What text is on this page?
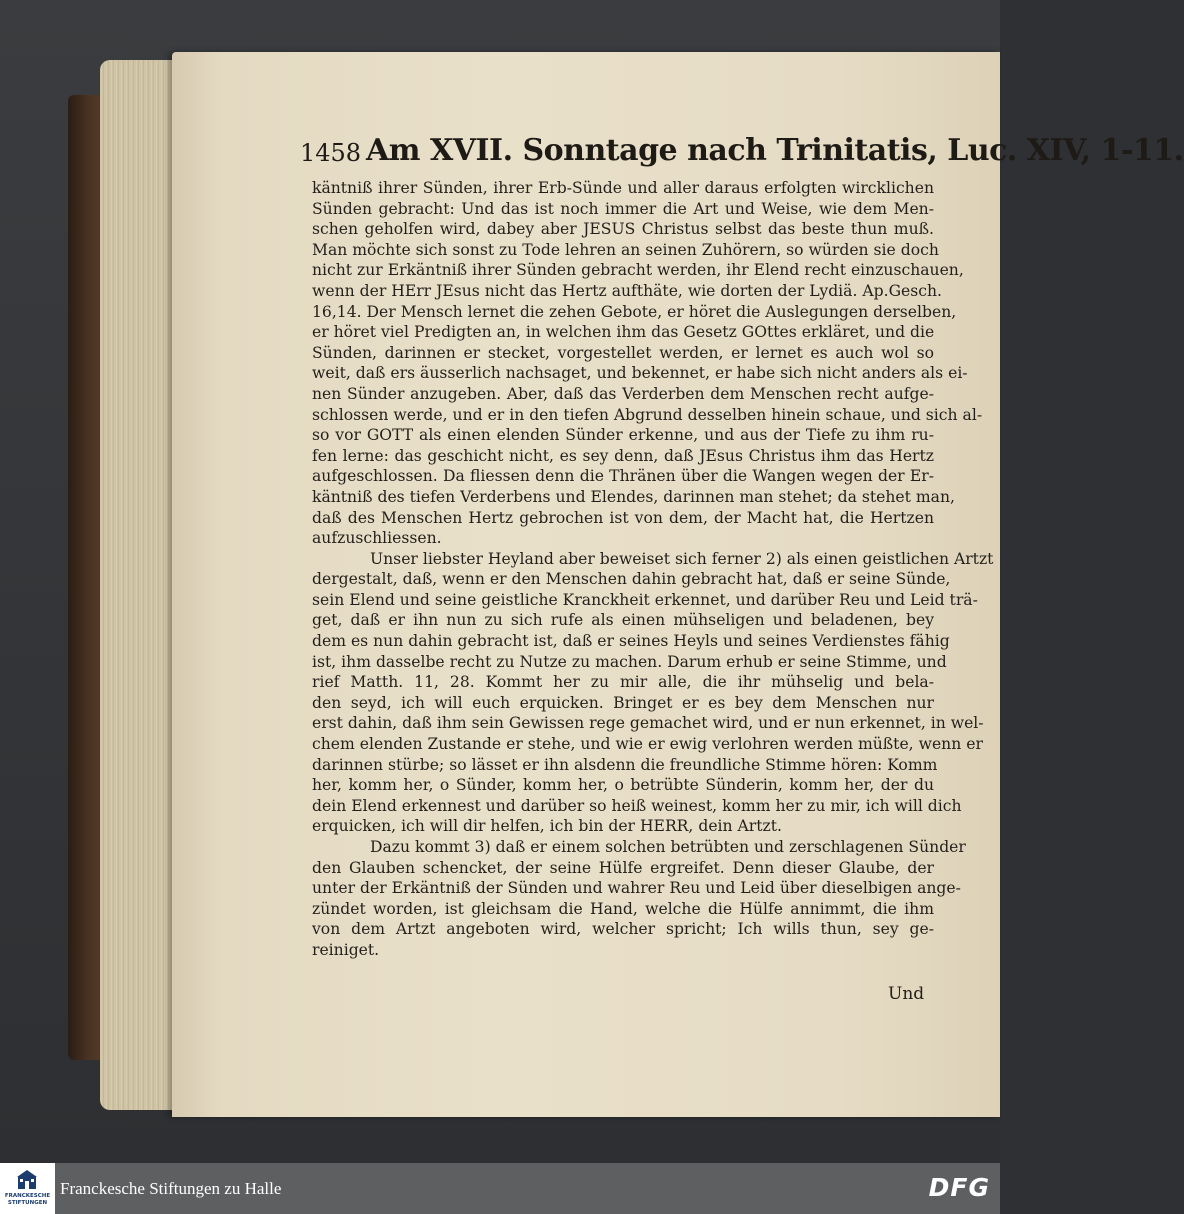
1458 Am XVII. Sonntage nach Trinitatis, Luc. XIV, 1-11.
käntniß ihrer Sünden, ihrer Erb-Sünde und aller daraus erfolgten wircklichen
Sünden gebracht: Und das ist noch immer die Art und Weise, wie dem Men-
schen geholfen wird, dabey aber JESUS Christus selbst das beste thun muß.
Man möchte sich sonst zu Tode lehren an seinen Zuhörern, so würden sie doch
nicht zur Erkäntniß ihrer Sünden gebracht werden, ihr Elend recht einzuschauen,
wenn der HErr JEsus nicht das Hertz aufthäte, wie dorten der Lydiä. Ap.Gesch.
16,14. Der Mensch lernet die zehen Gebote, er höret die Auslegungen derselben,
er höret viel Predigten an, in welchen ihm das Gesetz GOttes erkläret, und die
Sünden, darinnen er stecket, vorgestellet werden, er lernet es auch wol so
weit, daß ers äusserlich nachsaget, und bekennet, er habe sich nicht anders als ei-
nen Sünder anzugeben. Aber, daß das Verderben dem Menschen recht aufge-
schlossen werde, und er in den tiefen Abgrund desselben hinein schaue, und sich al-
so vor GOTT als einen elenden Sünder erkenne, und aus der Tiefe zu ihm ru-
fen lerne: das geschicht nicht, es sey denn, daß JEsus Christus ihm das Hertz
aufgeschlossen. Da fliessen denn die Thränen über die Wangen wegen der Er-
käntniß des tiefen Verderbens und Elendes, darinnen man stehet; da stehet man,
daß des Menschen Hertz gebrochen ist von dem, der Macht hat, die Hertzen
aufzuschliessen.
Unser liebster Heyland aber beweiset sich ferner 2) als einen geistlichen Artzt
dergestalt, daß, wenn er den Menschen dahin gebracht hat, daß er seine Sünde,
sein Elend und seine geistliche Kranckheit erkennet, und darüber Reu und Leid trä-
get, daß er ihn nun zu sich rufe als einen mühseligen und beladenen, bey
dem es nun dahin gebracht ist, daß er seines Heyls und seines Verdienstes fähig
ist, ihm dasselbe recht zu Nutze zu machen. Darum erhub er seine Stimme, und
rief Matth. 11, 28. Kommt her zu mir alle, die ihr mühselig und bela-
den seyd, ich will euch erquicken. Bringet er es bey dem Menschen nur
erst dahin, daß ihm sein Gewissen rege gemachet wird, und er nun erkennet, in wel-
chem elenden Zustande er stehe, und wie er ewig verlohren werden müßte, wenn er
darinnen stürbe; so lässet er ihn alsdenn die freundliche Stimme hören: Komm
her, komm her, o Sünder, komm her, o betrübte Sünderin, komm her, der du
dein Elend erkennest und darüber so heiß weinest, komm her zu mir, ich will dich
erquicken, ich will dir helfen, ich bin der HERR, dein Artzt.
Dazu kommt 3) daß er einem solchen betrübten und zerschlagenen Sünder
den Glauben schencket, der seine Hülfe ergreifet. Denn dieser Glaube, der
unter der Erkäntniß der Sünden und wahrer Reu und Leid über dieselbigen ange-
zündet worden, ist gleichsam die Hand, welche die Hülfe annimmt, die ihm
von dem Artzt angeboten wird, welcher spricht; Ich wills thun, sey ge-
reiniget.
Und
FRANCKESCHE STIFTUNGEN
Franckesche Stiftungen zu Halle	DFG
